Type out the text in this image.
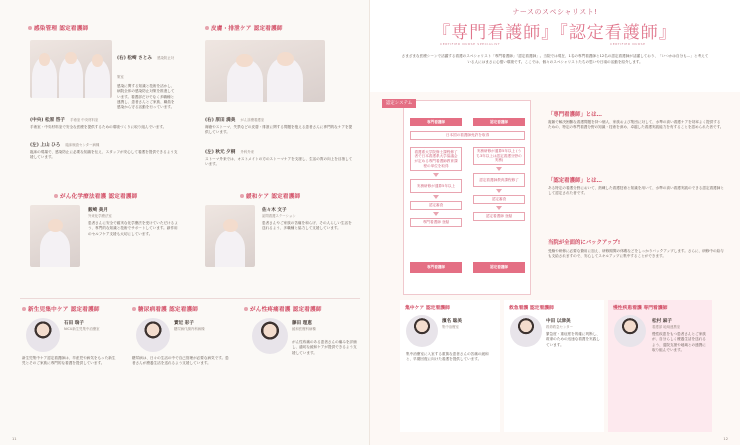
感染管理 認定看護師
(右) 松崎 さとみ 感染防止対策室
感染に関する知識と技術を活かし、病院全体の感染防止対策を推進しています。看護部だけでなく多職種と連携し、患者さんとご家族、職員を感染から守る活動を行っています。
(中央) 松原 啓子 手術室 中央材料室
手術室・中央材料室で安全な医療を提供するための環境づくりに取り組んでいます。
(左) 上山 ひろ 臨床検査センター病棟
臨床の現場で、感染防止に必要な知識を伝え、スタッフが安心して看護を提供できるよう支援しています。
皮膚・排泄ケア 認定看護師
(右) 原田 満美 がん診療看護室
褥瘡やストーマ、失禁などの皮膚・排泄に関する問題を抱える患者さんに専門的なケアを提供しています。
(左) 秋元 夕桐 外科外来
ストーマ外来では、オストメイトの方のストーマケアを支援し、生活の質の向上を目指しています。
がん化学療法看護 認定看護師
薮崎 美月
外来化学療法室
患者さんに安全で確実な化学療法を受けていただけるよう、専門的な知識と技術でサポートしています。副作用のセルフケア支援も大切にしています。
緩和ケア 認定看護師
佐々木 文子
訪問看護ステーション
患者さんやご家族の苦痛を和らげ、その人らしい生活を送れるよう、多職種と協力して支援しています。
新生児集中ケア 認定看護師
石田 瑞子
NICU新生児集中治療室
新生児集中ケア認定看護師は、早産児や病気をもった新生児とそのご家族に専門的な看護を提供しています。
糖尿病看護 認定看護師
實近 彩子
糖尿病代謝内科病棟
糖尿病は、日々の生活の中で自己管理が必要な病気です。患者さんが療養生活を送れるよう支援しています。
がん性疼痛看護 認定看護師
藤田 理恵
緩和医療科病棟
がん性疼痛のある患者さんの痛みを評価し、適切な緩和ケアが提供できるよう支援しています。
11
ナースのスペシャリスト!
『専門看護師』『認定看護師』
CERTIFIED NURSE SPECIALIST	CERTIFIED NURSE
さまざまな医療シーンで活躍する看護のスペシャリスト「専門看護師」「認定看護師」。当院では現在、1名の専門看護師と12名の認定看護師が活躍しており、「いつかは自分も…」と考えている人にはまさに心強い環境です。ここでは、個々のスペシャリストたちの思いや日頃の活動を紹介します。
認定システム
専門看護師	認定看護師
日本国の看護師免許を取得
看護系大学院修士課程修了者で日本看護系大学協議会が定める専門看護師教育課程の単位を取得
実務研修が通算5年以上
認定審査
専門看護師 登録
実務研修が通算5年以上 (うち3年以上は認定看護分野の実務)
認定看護師教育課程修了
認定審査
認定看護師 登録
専門看護師	認定看護師
「専門看護師」とは…
複雑で解決困難な看護問題を持つ個人、家族および集団に対して、水準の高い看護ケアを効率よく提供するための、特定の専門看護分野の知識・技術を深め、卓越した看護実践能力を有することを認められた者です。
「認定看護師」とは…
ある特定の看護分野において、熟練した看護技術と知識を用いて、水準の高い看護実践のできる認定看護師として認定された者です。
当院が全面的にバックアップ!
受験や研修に必要な費用に加え、研修期間の休暇などをしっかりバックアップします。さらに、研修中の給与も支給されますので、安心してスキルアップに集中することができます。
集中ケア 認定看護師
濱名 聡美
集中治療室
集中治療室に入室する重篤な患者さんの苦痛の緩和と、早期回復に向けた看護を提供しています。
救急看護 認定看護師
中田 以津美
救命救急センター
緊急度・重症度を的確に判断し、救命のための迅速な看護を実践しています。
慢性疾患看護 専門看護師
松村 麻子
看護部 地域連携室
慢性疾患をもつ患者さんとご家族が、自分らしく療養生活を送れるよう、退院支援や地域との連携に取り組んでいます。
12
